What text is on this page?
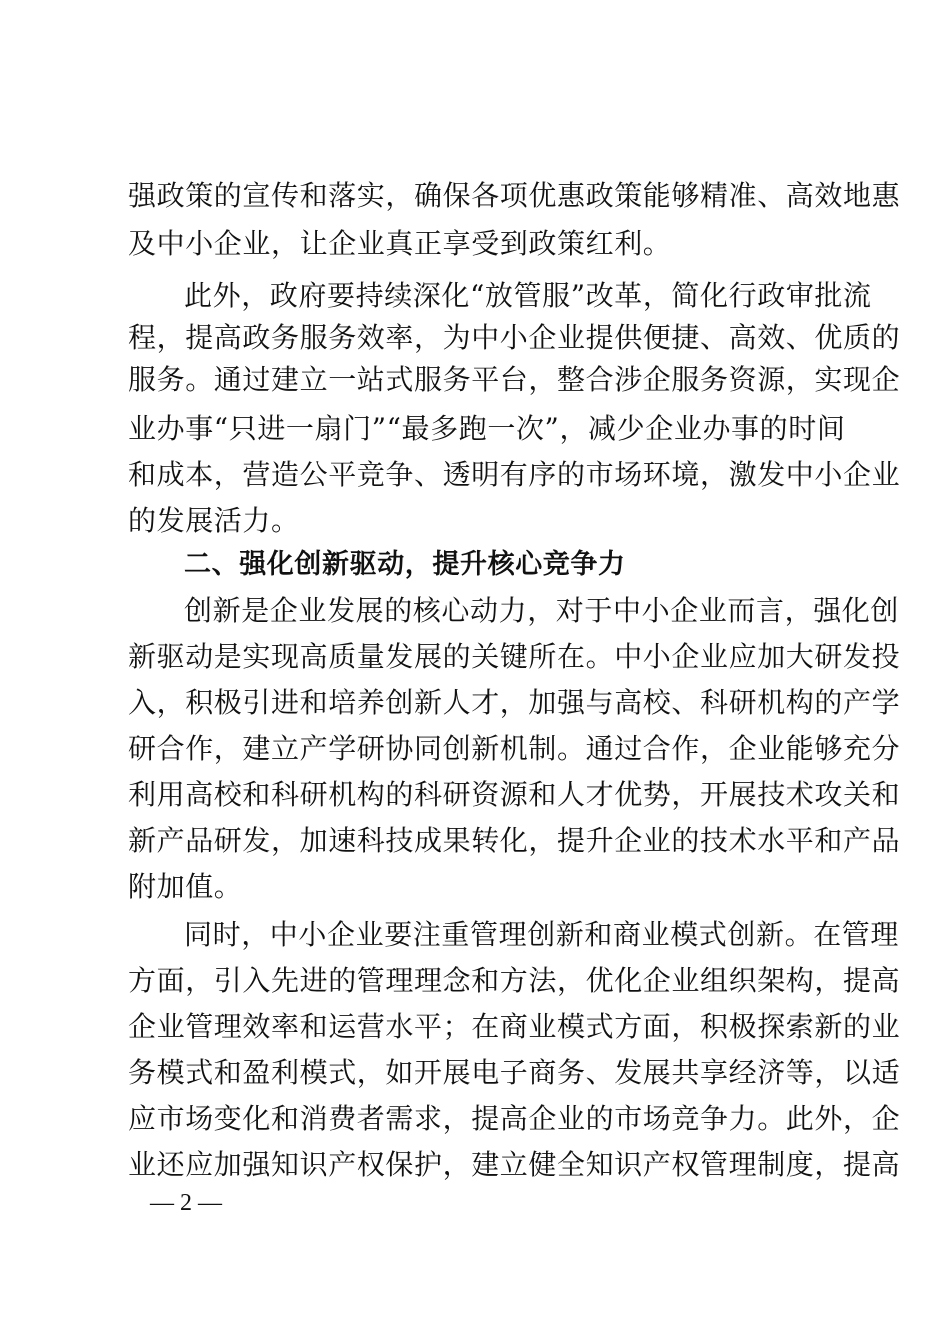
强政策的宣传和落实，确保各项优惠政策能够精准、高效地惠
及中小企业，让企业真正享受到政策红利。
此外，政府要持续深化“放管服”改革，简化行政审批流
程，提高政务服务效率，为中小企业提供便捷、高效、优质的
服务。通过建立一站式服务平台，整合涉企服务资源，实现企
业办事“只进一扇门”“最多跑一次”，减少企业办事的时间
和成本，营造公平竞争、透明有序的市场环境，激发中小企业
的发展活力。
二、强化创新驱动，提升核心竞争力
创新是企业发展的核心动力，对于中小企业而言，强化创
新驱动是实现高质量发展的关键所在。中小企业应加大研发投
入，积极引进和培养创新人才，加强与高校、科研机构的产学
研合作，建立产学研协同创新机制。通过合作，企业能够充分
利用高校和科研机构的科研资源和人才优势，开展技术攻关和
新产品研发，加速科技成果转化，提升企业的技术水平和产品
附加值。
同时，中小企业要注重管理创新和商业模式创新。在管理
方面，引入先进的管理理念和方法，优化企业组织架构，提高
企业管理效率和运营水平；在商业模式方面，积极探索新的业
务模式和盈利模式，如开展电子商务、发展共享经济等，以适
应市场变化和消费者需求，提高企业的市场竞争力。此外，企
业还应加强知识产权保护，建立健全知识产权管理制度，提高
— 2 —
